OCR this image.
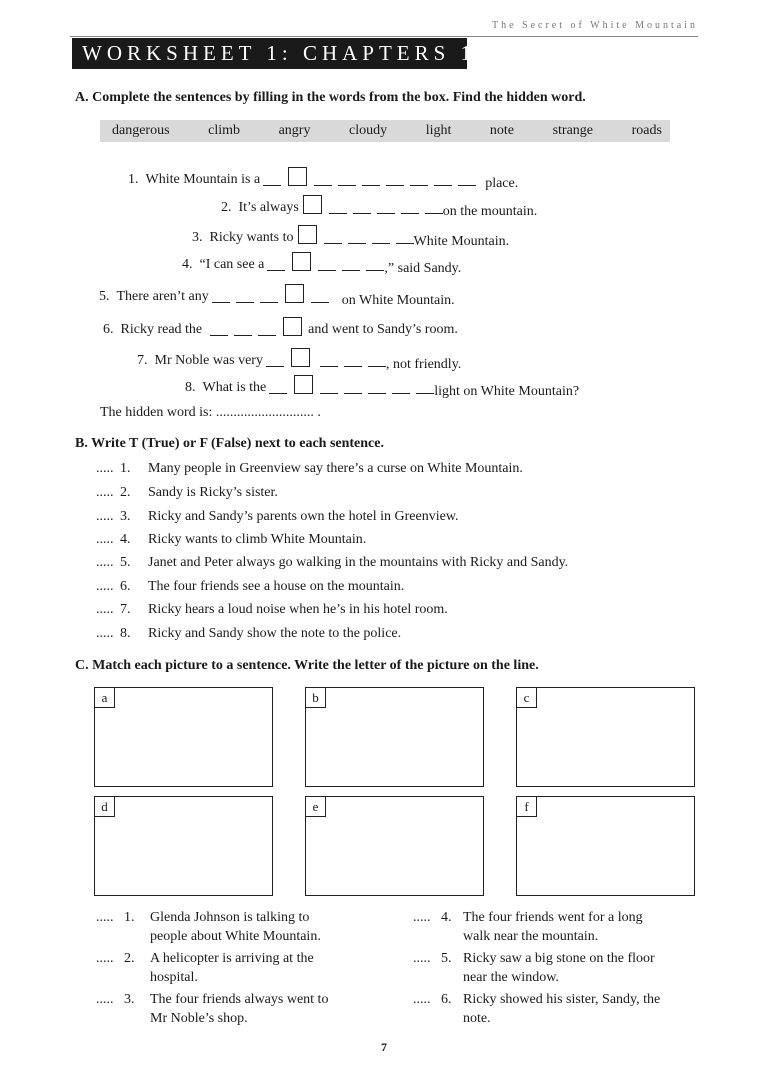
The Secret of White Mountain
WORKSHEET 1: CHAPTERS 1–5
A. Complete the sentences by filling in the words from the box. Find the hidden word.
dangerous	climb	angry	cloudy	light	note	strange	roads
1.
White Mountain is a	place.
2.
It’s always	on the mountain.
3.
Ricky wants to	White Mountain.
4.
“I can see a	,” said Sandy.
5.
There aren’t any	on White Mountain.
6.
Ricky read the	and went to Sandy’s room.
7.
Mr Noble was very	, not friendly.
8.
What is the	light on White Mountain?
The hidden word is: ............................ .
B. Write T (True) or F (False) next to each sentence.
..... 1.	Many people in Greenview say there’s a curse on White Mountain.
..... 2.	Sandy is Ricky’s sister.
..... 3.	Ricky and Sandy’s parents own the hotel in Greenview.
..... 4.	Ricky wants to climb White Mountain.
..... 5.	Janet and Peter always go walking in the mountains with Ricky and Sandy.
..... 6.	The four friends see a house on the mountain.
..... 7.	Ricky hears a loud noise when he’s in his hotel room.
..... 8.	Ricky and Sandy show the note to the police.
C. Match each picture to a sentence. Write the letter of the picture on the line.
a	b	c
d	e	f
..... 1.	Glenda Johnson is talking to
people about White Mountain.
..... 2.	A helicopter is arriving at the
hospital.
..... 3.	The four friends always went to
Mr Noble’s shop.
..... 4. The four friends went for a long
walk near the mountain.
..... 5. Ricky saw a big stone on the floor
near the window.
..... 6. Ricky showed his sister, Sandy, the
note.
7
